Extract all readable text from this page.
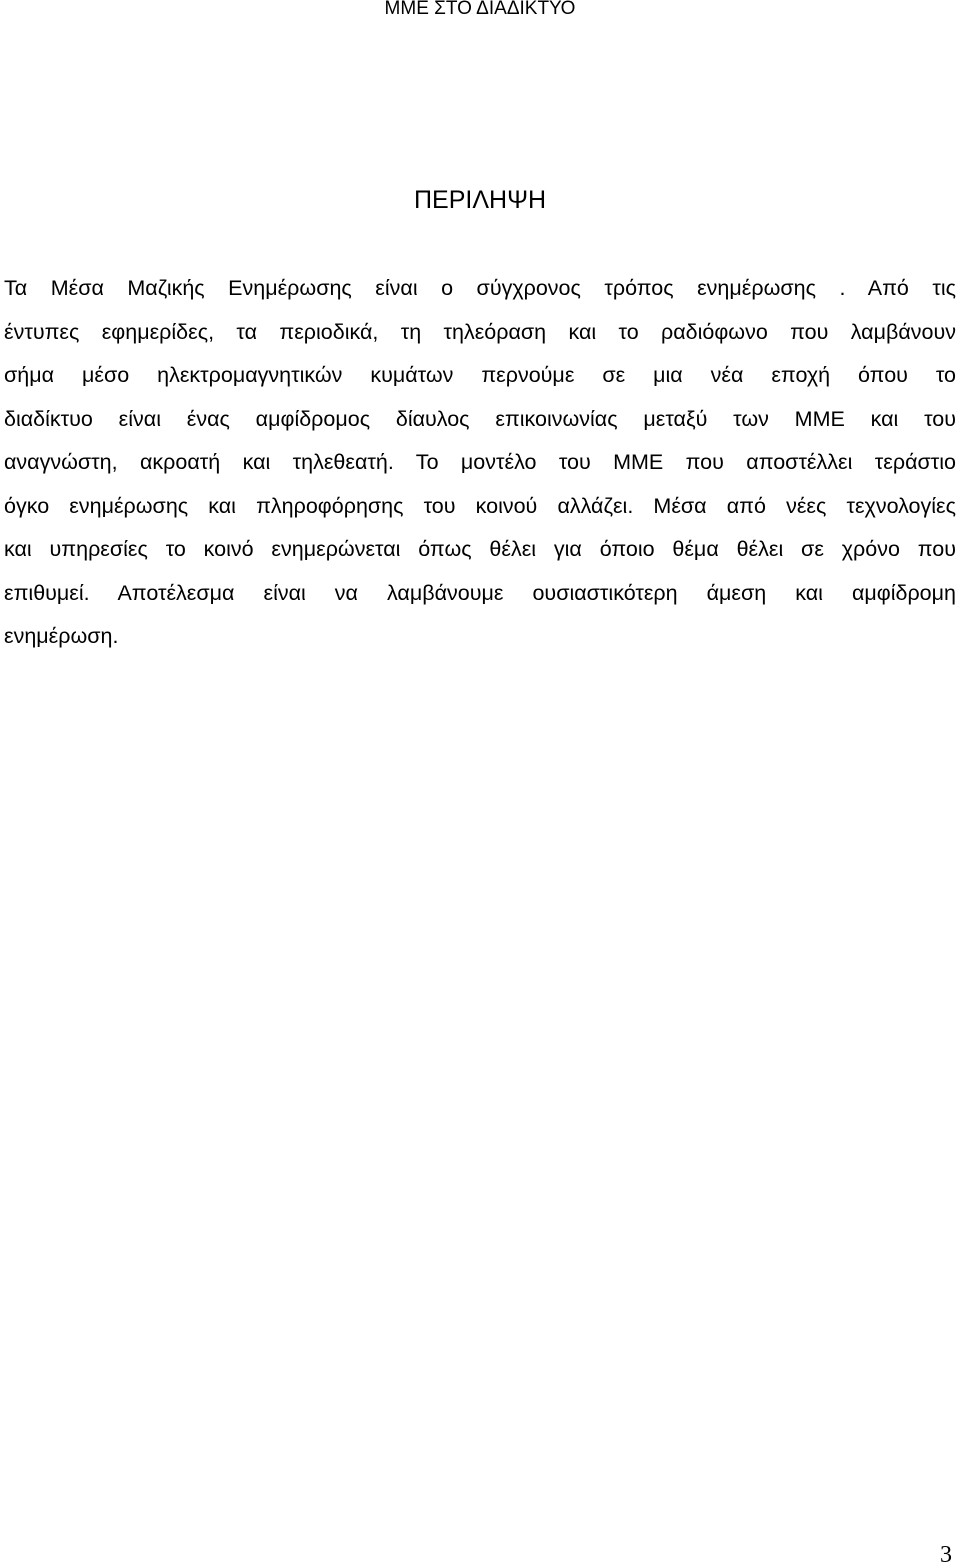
ΜΜΕ ΣΤΟ ΔΙΑΔΙΚΤΥΟ
ΠΕΡΙΛΗΨΗ
Τα Μέσα Μαζικής Ενημέρωσης είναι ο σύγχρονος τρόπος ενημέρωσης . Από τις
έντυπες εφημερίδες, τα περιοδικά, τη τηλεόραση και το ραδιόφωνο που λαμβάνουν
σήμα μέσο ηλεκτρομαγνητικών κυμάτων περνούμε σε μια νέα εποχή όπου το
διαδίκτυο είναι ένας αμφίδρομος δίαυλος επικοινωνίας μεταξύ των ΜΜΕ και του
αναγνώστη, ακροατή και τηλεθεατή. Το μοντέλο του ΜΜΕ που αποστέλλει τεράστιο
όγκο ενημέρωσης και πληροφόρησης του κοινού αλλάζει. Μέσα από νέες τεχνολογίες
και υπηρεσίες το κοινό ενημερώνεται όπως θέλει για όποιο θέμα θέλει σε χρόνο που
επιθυμεί. Αποτέλεσμα είναι να λαμβάνουμε ουσιαστικότερη άμεση και αμφίδρομη
ενημέρωση.
3
